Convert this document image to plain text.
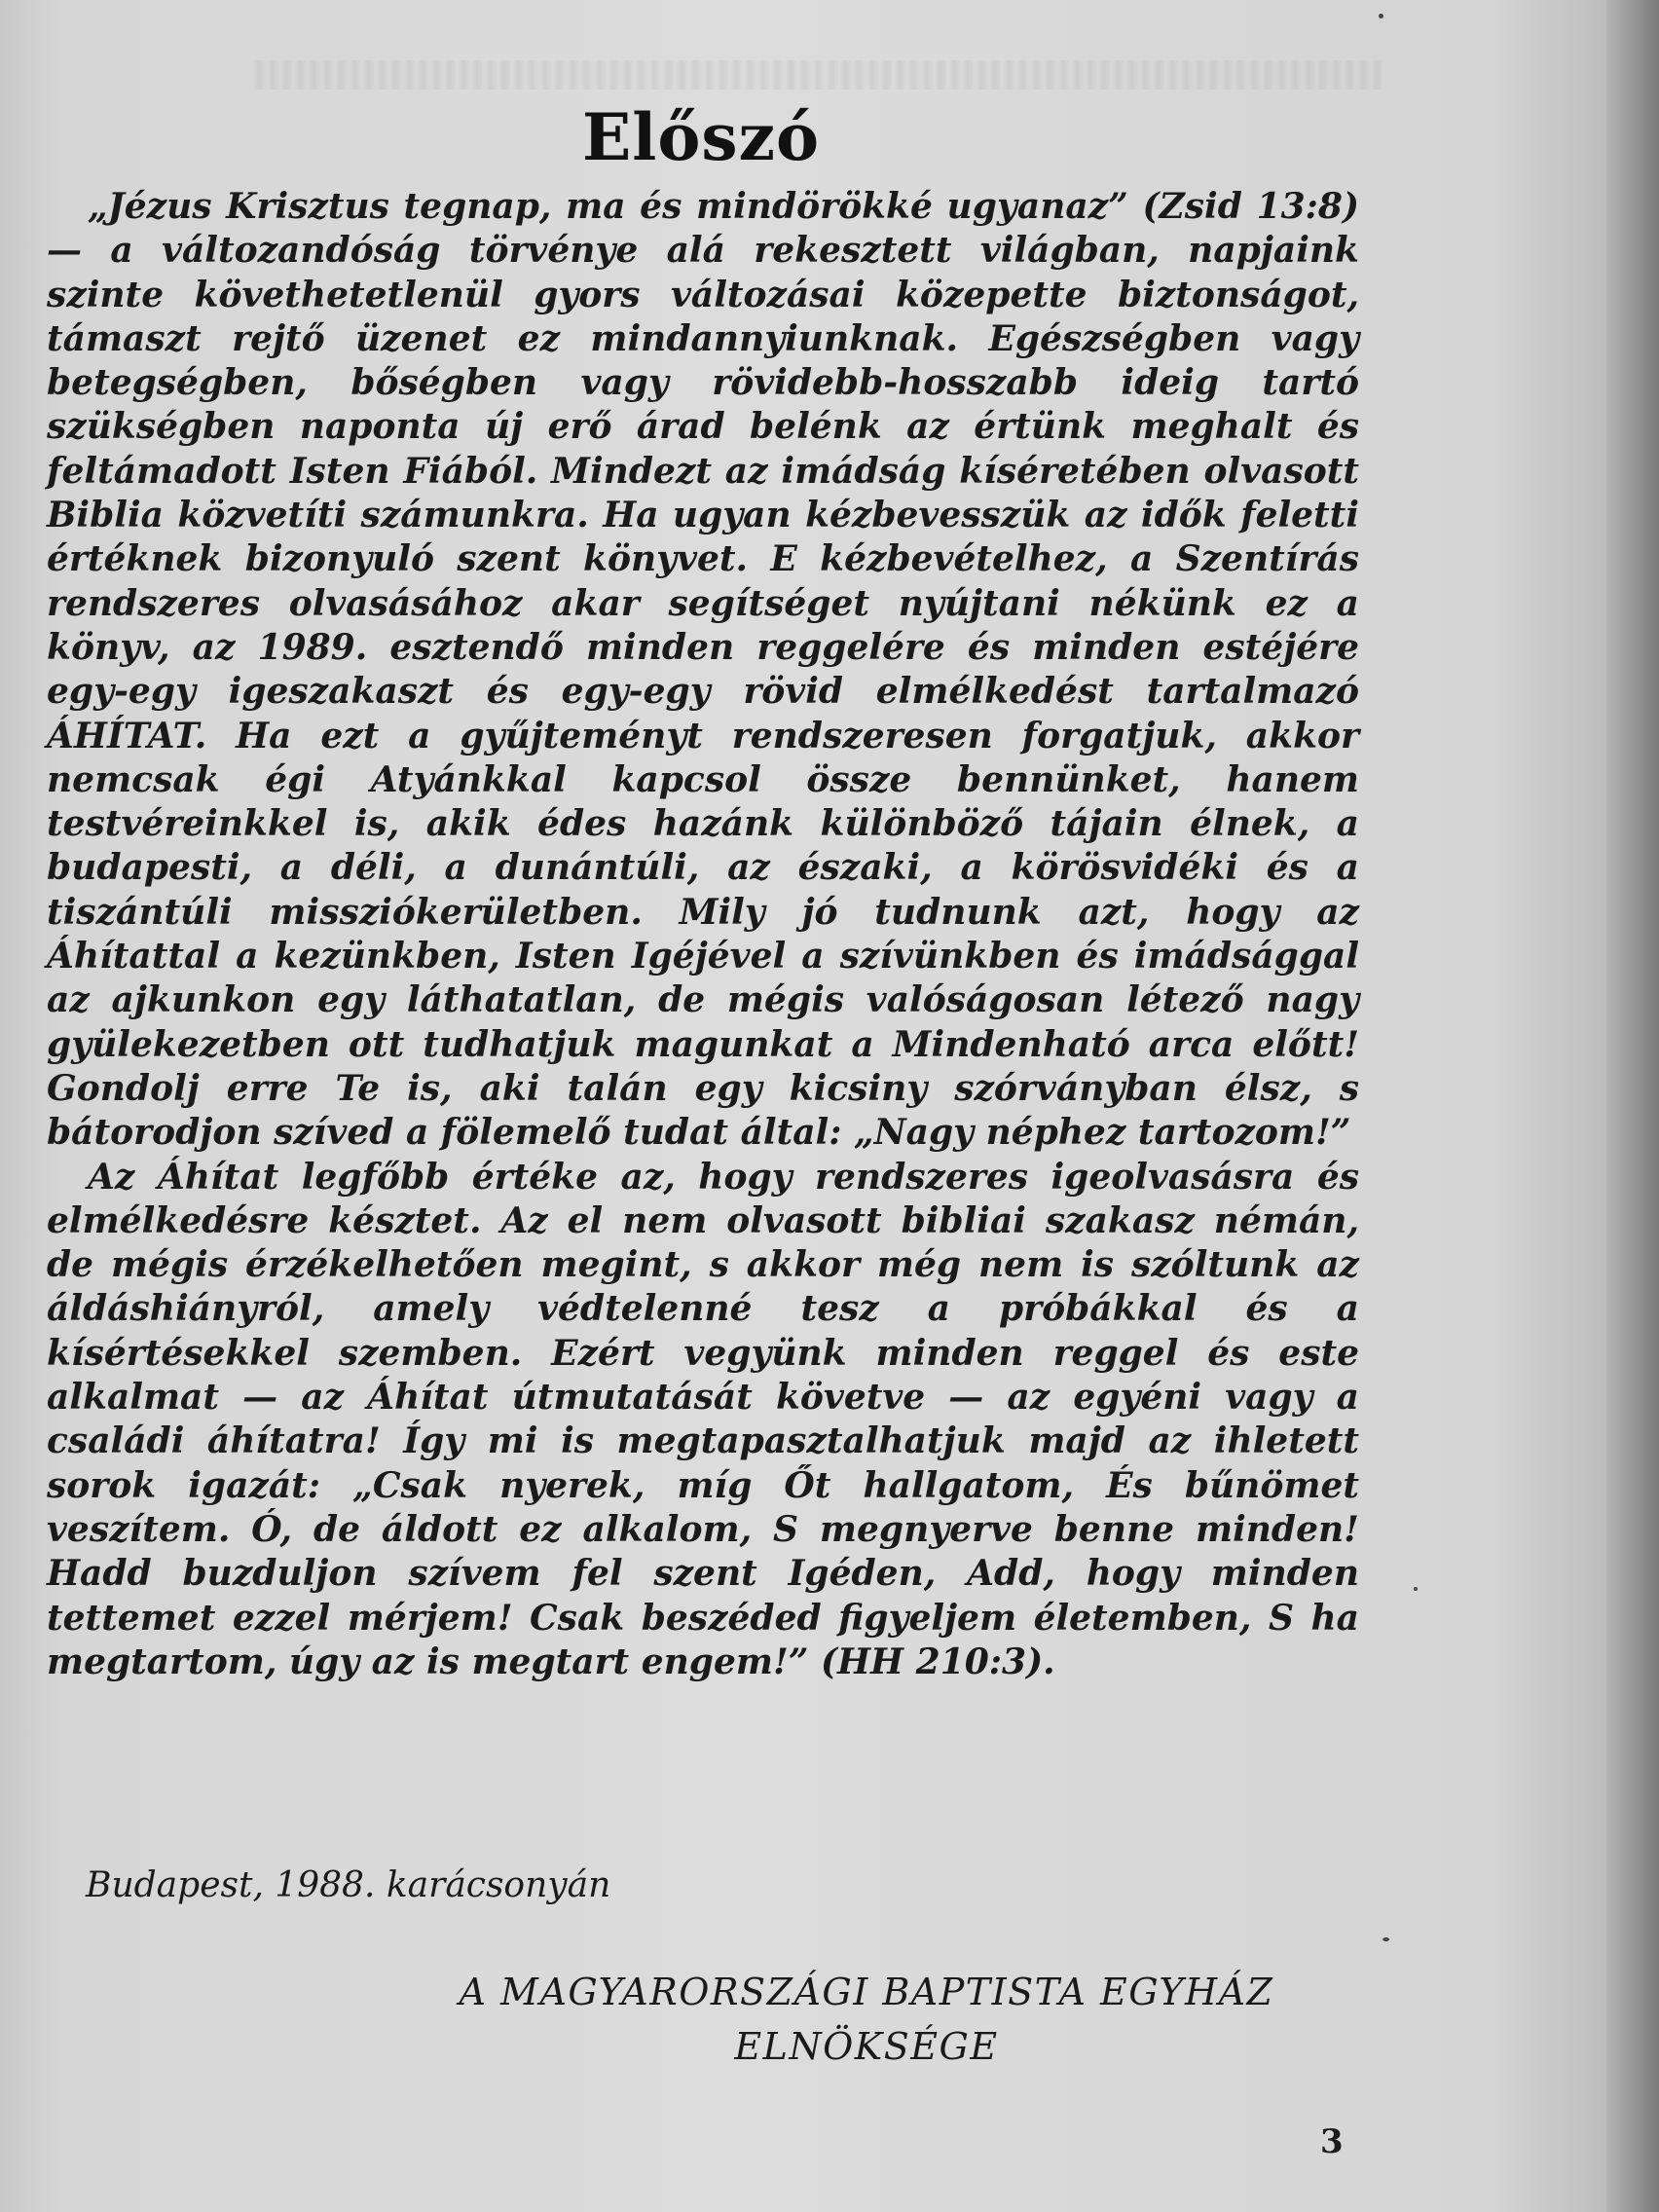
Előszó

„Jézus Krisztus tegnap, ma és mindörökké ugyanaz” (Zsid 13:8) — a változandóság törvénye alá rekesztett világban, napjaink szinte követhetetlenül gyors változásai közepette biztonságot, támaszt rejtő üzenet ez mindannyiunknak. Egészségben vagy betegségben, bőségben vagy rövidebb-hosszabb ideig tartó szükségben naponta új erő árad belénk az értünk meghalt és feltámadott Isten Fiából. Mindezt az imádság kíséretében olvasott Biblia közvetíti számunkra. Ha ugyan kézbevesszük az idők feletti értéknek bizonyuló szent könyvet. E kézbevételhez, a Szentírás rendszeres olvasásához akar segítséget nyújtani nékünk ez a könyv, az 1989. esztendő minden reggelére és minden estéjére egy-egy igeszakaszt és egy-egy rövid elmélkedést tartalmazó ÁHÍTAT. Ha ezt a gyűjteményt rendszeresen forgatjuk, akkor nemcsak égi Atyánkkal kapcsol össze bennünket, hanem testvéreinkkel is, akik édes hazánk különböző tájain élnek, a budapesti, a déli, a dunántúli, az északi, a körösvidéki és a tiszántúli missziókerületben. Mily jó tudnunk azt, hogy az Áhítattal a kezünkben, Isten Igéjével a szívünkben és imádsággal az ajkunkon egy láthatatlan, de mégis valóságosan létező nagy gyülekezetben ott tudhatjuk magunkat a Mindenható arca előtt! Gondolj erre Te is, aki talán egy kicsiny szórványban élsz, s bátorodjon szíved a fölemelő tudat által: „Nagy néphez tartozom!”

Az Áhítat legfőbb értéke az, hogy rendszeres igeolvasásra és elmélkedésre késztet. Az el nem olvasott bibliai szakasz némán, de mégis érzékelhetően megint, s akkor még nem is szóltunk az áldáshiányról, amely védtelenné tesz a próbákkal és a kísértésekkel szemben. Ezért vegyünk minden reggel és este alkalmat — az Áhítat útmutatását követve — az egyéni vagy a családi áhítatra! Így mi is megtapasztalhatjuk majd az ihletett sorok igazát: „Csak nyerek, míg Őt hallgatom, És bűnömet veszítem. Ó, de áldott ez alkalom, S megnyerve benne minden! Hadd buzduljon szívem fel szent Igéden, Add, hogy minden tettemet ezzel mérjem! Csak beszéded figyeljem életemben, S ha megtartom, úgy az is megtart engem!” (HH 210:3).

Budapest, 1988. karácsonyán
A MAGYARORSZÁGI BAPTISTA EGYHÁZ
ELNÖKSÉGE
3
